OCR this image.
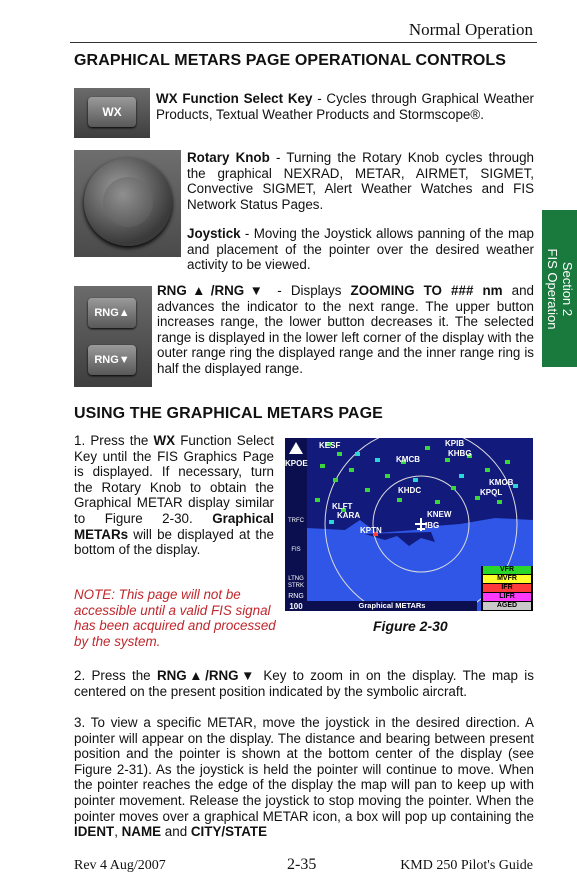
Normal Operation
Section 2
FIS Operation
GRAPHICAL METARS PAGE OPERATIONAL CONTROLS
WX
WX Function Select Key - Cycles through Graphical Weather Products, Textual Weather Products and Stormscope®.
Rotary Knob - Turning the Rotary Knob cycles through the graphical NEXRAD, METAR, AIRMET, SIGMET, Convective SIGMET, Alert Weather Watches and FIS Network Status Pages.
Joystick - Moving the Joystick allows panning of the map and placement of the pointer over the desired weather activity to be viewed.
RNG▲
RNG▼
RNG▲/RNG▼ - Displays ZOOMING TO ### nm and advances the indicator to the next range. The upper button increases range, the lower button decreases it. The selected range is displayed in the lower left corner of the display with the outer range ring the displayed range and the inner range ring is half the displayed range.
USING THE GRAPHICAL METARS PAGE
1. Press the WX Function Select Key until the FIS Graphics Page is displayed. If necessary, turn the Rotary Knob to obtain the Graphical METAR display similar to Figure 2-30. Graphical METARs will be displayed at the bottom of the display.
NOTE: This page will not be accessible until a valid FIS signal has been acquired and processed by the system.
KESF	KPIB
KHBG
KPOE	KMCB
KMOB
KHDC	KPQL
KLFT
KNEW
KARA
IBG
KPTN
TRFC
FIS
LTNG STRK
RNG
100	Graphical METARs
VFR
MVFR
IFR
LIFR
AGED
Figure 2-30
2. Press the RNG▲/RNG▼ Key to zoom in on the display. The map is centered on the present position indicated by the symbolic aircraft.
3. To view a specific METAR, move the joystick in the desired direction. A pointer will appear on the display. The distance and bearing between present position and the pointer is shown at the bottom center of the display (see Figure 2-31). As the joystick is held the pointer will continue to move. When the pointer reaches the edge of the display the map will pan to keep up with pointer movement. Release the joystick to stop moving the pointer. When the pointer moves over a graphical METAR icon, a box will pop up containing the IDENT, NAME and CITY/STATE
Rev 4 Aug/2007	2-35	KMD 250 Pilot's Guide
